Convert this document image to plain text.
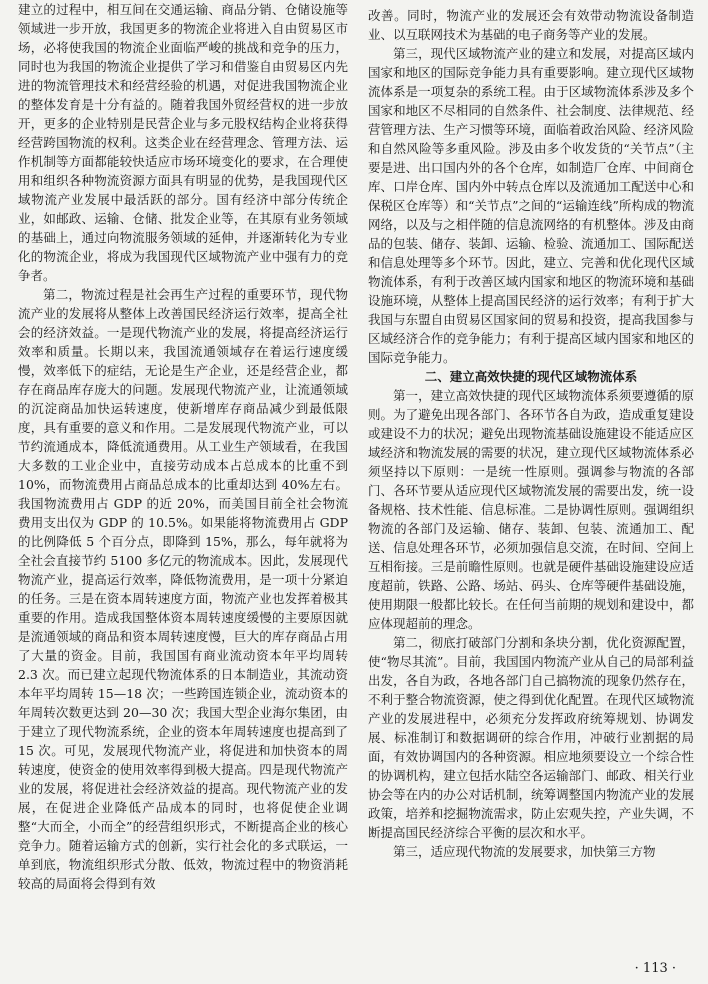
建立的过程中，相互间在交通运输、商品分销、仓储设施等领域进一步开放，我国更多的物流企业将进入自由贸易区市场，必将使我国的物流企业面临严峻的挑战和竞争的压力，同时也为我国的物流企业提供了学习和借鉴自由贸易区内先进的物流管理技术和经营经验的机遇，对促进我国物流企业的整体发育是十分有益的。随着我国外贸经营权的进一步放开，更多的企业特别是民营企业与多元股权结构企业将获得经营跨国物流的权利。这类企业在经营理念、管理方法、运作机制等方面都能较快适应市场环境变化的要求，在合理使用和组织各种物流资源方面具有明显的优势，是我国现代区域物流产业发展中最活跃的部分。国有经济中部分传统企业，如邮政、运输、仓储、批发企业等，在其原有业务领域的基础上，通过向物流服务领域的延伸，并逐渐转化为专业化的物流企业，将成为我国现代区域物流产业中强有力的竞争者。

第二，物流过程是社会再生产过程的重要环节，现代物流产业的发展将从整体上改善国民经济运行效率，提高全社会的经济效益。一是现代物流产业的发展，将提高经济运行效率和质量。长期以来，我国流通领域存在着运行速度缓慢，效率低下的症结，无论是生产企业，还是经营企业，都存在商品库存庞大的问题。发展现代物流产业，让流通领域的沉淀商品加快运转速度，使新增库存商品减少到最低限度，具有重要的意义和作用。二是发展现代物流产业，可以节约流通成本，降低流通费用。从工业生产领域看，在我国大多数的工业企业中，直接劳动成本占总成本的比重不到 10%，而物流费用占商品总成本的比重却达到 40%左右。我国物流费用占 GDP 的近 20%，而美国目前全社会物流费用支出仅为 GDP 的 10.5%。如果能将物流费用占 GDP 的比例降低 5 个百分点，即降到 15%，那么，每年就将为全社会直接节约 5100 多亿元的物流成本。因此，发展现代物流产业，提高运行效率，降低物流费用，是一项十分紧迫的任务。三是在资本周转速度方面，物流产业也发挥着极其重要的作用。造成我国整体资本周转速度缓慢的主要原因就是流通领域的商品和资本周转速度慢，巨大的库存商品占用了大量的资金。目前，我国国有商业流动资本年平均周转 2.3 次。而已建立起现代物流体系的日本制造业，其流动资本年平均周转 15—18 次；一些跨国连锁企业，流动资本的年周转次数更达到 20—30 次；我国大型企业海尔集团，由于建立了现代物流系统，企业的资本年周转速度也提高到了 15 次。可见，发展现代物流产业，将促进和加快资本的周转速度，使资金的使用效率得到极大提高。四是现代物流产业的发展，将促进社会经济效益的提高。现代物流产业的发展，在促进企业降低产品成本的同时，也将促使企业调整“大而全，小而全”的经营组织形式，不断提高企业的核心竞争力。随着运输方式的创新，实行社会化的多式联运，一单到底，物流组织形式分散、低效，物流过程中的物资消耗较高的局面将会得到有效

改善。同时，物流产业的发展还会有效带动物流设备制造业、以互联网技术为基础的电子商务等产业的发展。

第三，现代区域物流产业的建立和发展，对提高区域内国家和地区的国际竞争能力具有重要影响。建立现代区域物流体系是一项复杂的系统工程。由于区域物流体系涉及多个国家和地区不尽相同的自然条件、社会制度、法律规范、经营管理方法、生产习惯等环境，面临着政治风险、经济风险和自然风险等多重风险。涉及由多个收发货的“关节点”（主要是进、出口国内外的各个仓库，如制造厂仓库、中间商仓库、口岸仓库、国内外中转点仓库以及流通加工配送中心和保税区仓库等）和“关节点”之间的“运输连线”所构成的物流网络，以及与之相伴随的信息流网络的有机整体。涉及由商品的包装、储存、装卸、运输、检验、流通加工、国际配送和信息处理等多个环节。因此，建立、完善和优化现代区域物流体系，有利于改善区域内国家和地区的物流环境和基础设施环境，从整体上提高国民经济的运行效率；有利于扩大我国与东盟自由贸易区国家间的贸易和投资，提高我国参与区域经济合作的竞争能力；有利于提高区域内国家和地区的国际竞争能力。

二、建立高效快捷的现代区域物流体系

第一，建立高效快捷的现代区域物流体系须要遵循的原则。为了避免出现各部门、各环节各自为政，造成重复建设或建设不力的状况；避免出现物流基础设施建设不能适应区域经济和物流发展的需要的状况，建立现代区域物流体系必须坚持以下原则：一是统一性原则。强调参与物流的各部门、各环节要从适应现代区域物流发展的需要出发，统一设备规格、技术性能、信息标准。二是协调性原则。强调组织物流的各部门及运输、储存、装卸、包装、流通加工、配送、信息处理各环节，必须加强信息交流，在时间、空间上互相衔接。三是前瞻性原则。也就是硬件基础设施建设应适度超前，铁路、公路、场站、码头、仓库等硬件基础设施，使用期限一般都比较长。在任何当前期的规划和建设中，都应体现超前的理念。

第二，彻底打破部门分割和条块分割，优化资源配置，使“物尽其流”。目前，我国国内物流产业从自己的局部利益出发，各自为政，各地各部门自己搞物流的现象仍然存在，不利于整合物流资源，使之得到优化配置。在现代区域物流产业的发展进程中，必须充分发挥政府统筹规划、协调发展、标准制订和数据调研的综合作用，冲破行业割据的局面，有效协调国内的各种资源。相应地须要设立一个综合性的协调机构，建立包括水陆空各运输部门、邮政、相关行业协会等在内的办公对话机制，统筹调整国内物流产业的发展政策，培养和挖掘物流需求，防止宏观失控，产业失调，不断提高国民经济综合平衡的层次和水平。

第三，适应现代物流的发展要求，加快第三方物

· 113 ·
